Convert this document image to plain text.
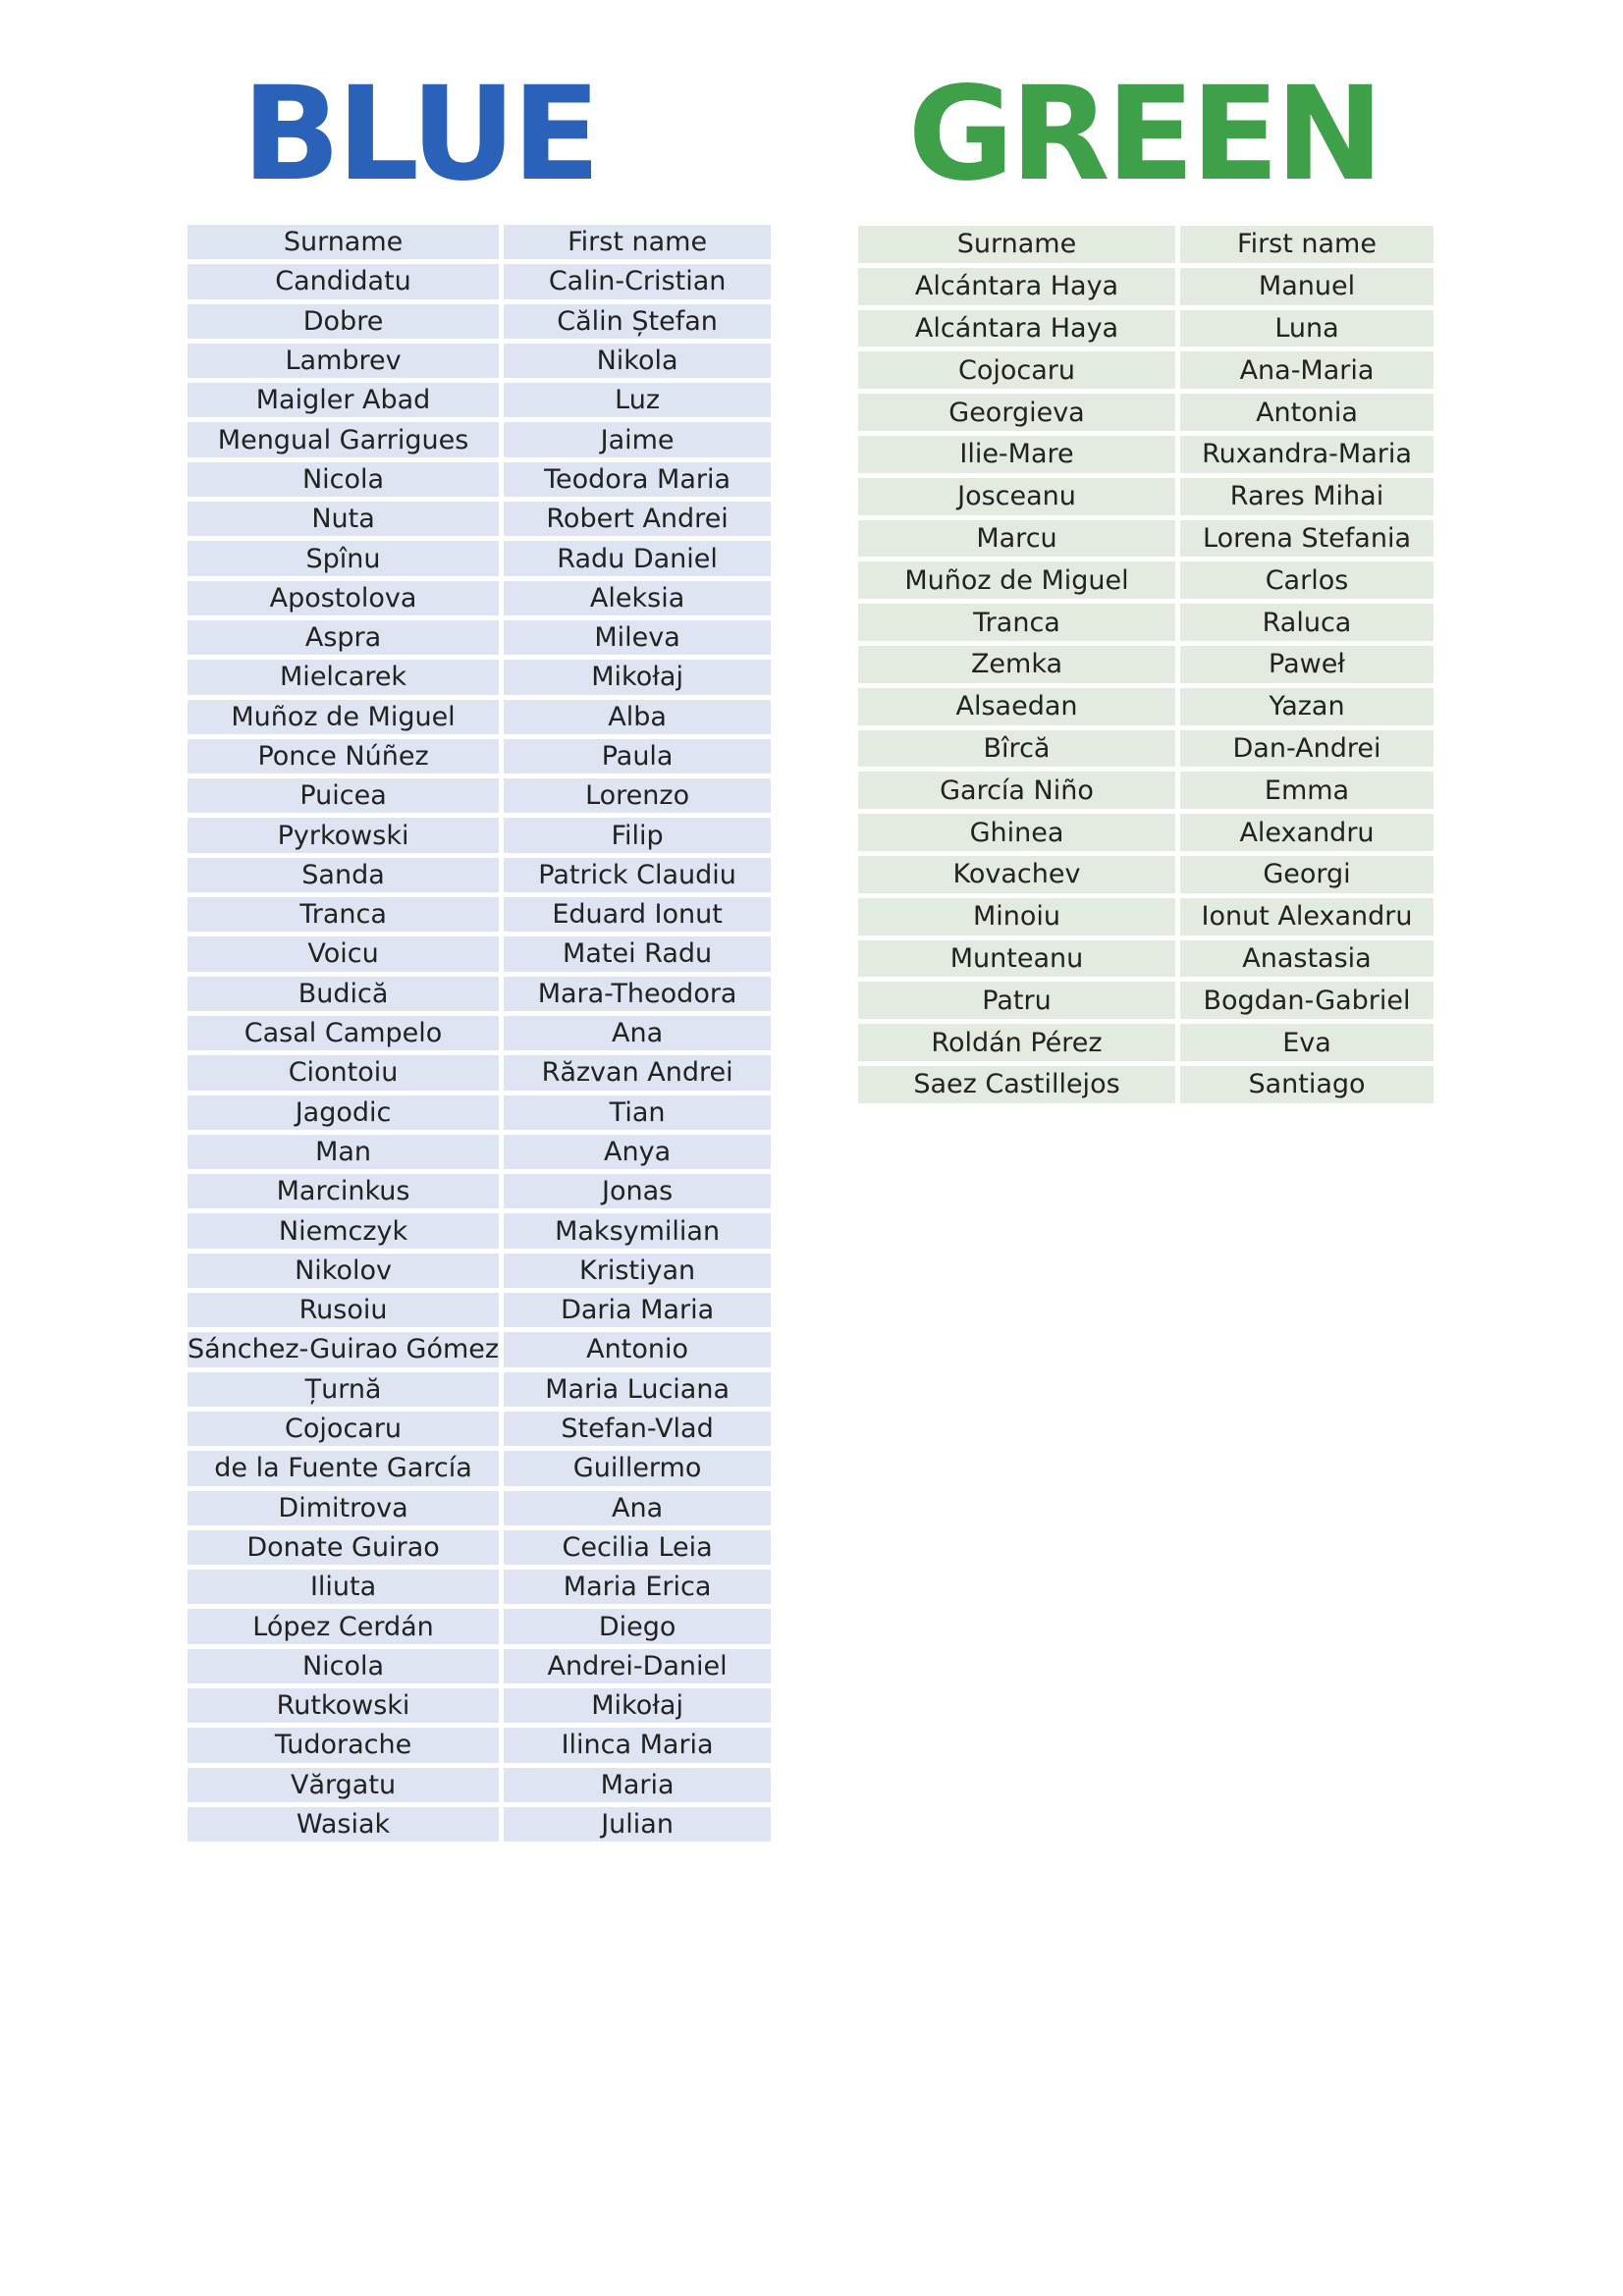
BLUE	GREEN
Surname	First name
Candidatu	Calin-Cristian
Dobre	Călin Ștefan
Lambrev	Nikola
Maigler Abad	Luz
Mengual Garrigues	Jaime
Nicola	Teodora Maria
Nuta	Robert Andrei
Spînu	Radu Daniel
Apostolova	Aleksia
Aspra	Mileva
Mielcarek	Mikołaj
Muñoz de Miguel	Alba
Ponce Núñez	Paula
Puicea	Lorenzo
Pyrkowski	Filip
Sanda	Patrick Claudiu
Tranca	Eduard Ionut
Voicu	Matei Radu
Budică	Mara-Theodora
Casal Campelo	Ana
Ciontoiu	Răzvan Andrei
Jagodic	Tian
Man	Anya
Marcinkus	Jonas
Niemczyk	Maksymilian
Nikolov	Kristiyan
Rusoiu	Daria Maria
Sánchez-Guirao Gómez	Antonio
Țurnă	Maria Luciana
Cojocaru	Stefan-Vlad
de la Fuente García	Guillermo
Dimitrova	Ana
Donate Guirao	Cecilia Leia
Iliuta	Maria Erica
López Cerdán	Diego
Nicola	Andrei-Daniel
Rutkowski	Mikołaj
Tudorache	Ilinca Maria
Vărgatu	Maria
Wasiak	Julian
Surname	First name
Alcántara Haya	Manuel
Alcántara Haya	Luna
Cojocaru	Ana-Maria
Georgieva	Antonia
Ilie-Mare	Ruxandra-Maria
Josceanu	Rares Mihai
Marcu	Lorena Stefania
Muñoz de Miguel	Carlos
Tranca	Raluca
Zemka	Paweł
Alsaedan	Yazan
Bîrcă	Dan-Andrei
García Niño	Emma
Ghinea	Alexandru
Kovachev	Georgi
Minoiu	Ionut Alexandru
Munteanu	Anastasia
Patru	Bogdan-Gabriel
Roldán Pérez	Eva
Saez Castillejos	Santiago
